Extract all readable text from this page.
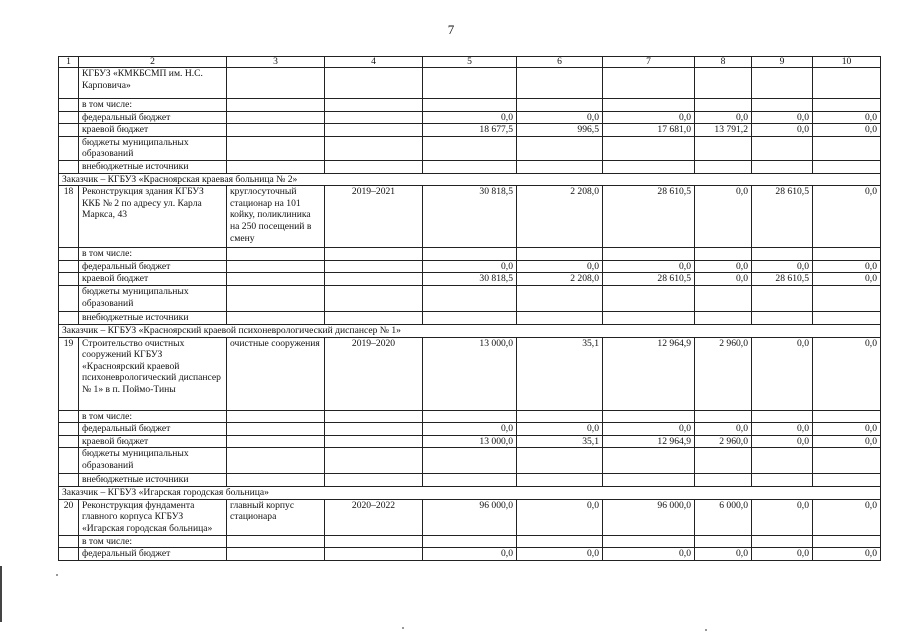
7
1	2	3	4	5	6	7	8	9	10
	КГБУЗ «КМКБСМП им. Н.С. Карповича»								
	в том числе:								
	федеральный бюджет			0,0	0,0	0,0	0,0	0,0	0,0
	краевой бюджет			18 677,5	996,5	17 681,0	13 791,2	0,0	0,0
	бюджеты муниципальных образований								
	внебюджетные источники								
Заказчик – КГБУЗ «Красноярская краевая больница № 2»									
18	Реконструкция здания КГБУЗ ККБ № 2 по адресу ул. Карла Маркса, 43	круглосуточный стационар на 101 койку, поликлиника на 250 посещений в смену	2019–2021	30 818,5	2 208,0	28 610,5	0,0	28 610,5	0,0
	в том числе:								
	федеральный бюджет			0,0	0,0	0,0	0,0	0,0	0,0
	краевой бюджет			30 818,5	2 208,0	28 610,5	0,0	28 610,5	0,0
	бюджеты муниципальных образований								
	внебюджетные источники								
Заказчик – КГБУЗ «Красноярский краевой психоневрологический диспансер № 1»									
19	Строительство очистных сооружений КГБУЗ «Красноярский краевой психоневрологический диспансер № 1» в п. Поймо-Тины	очистные сооружения	2019–2020	13 000,0	35,1	12 964,9	2 960,0	0,0	0,0
	в том числе:								
	федеральный бюджет			0,0	0,0	0,0	0,0	0,0	0,0
	краевой бюджет			13 000,0	35,1	12 964,9	2 960,0	0,0	0,0
	бюджеты муниципальных образований								
	внебюджетные источники								
Заказчик – КГБУЗ «Игарская городская больница»									
20	Реконструкция фундамента главного корпуса КГБУЗ «Игарская городская больница»	главный корпус стационара	2020–2022	96 000,0	0,0	96 000,0	6 000,0	0,0	0,0
	в том числе:								
	федеральный бюджет			0,0	0,0	0,0	0,0	0,0	0,0
